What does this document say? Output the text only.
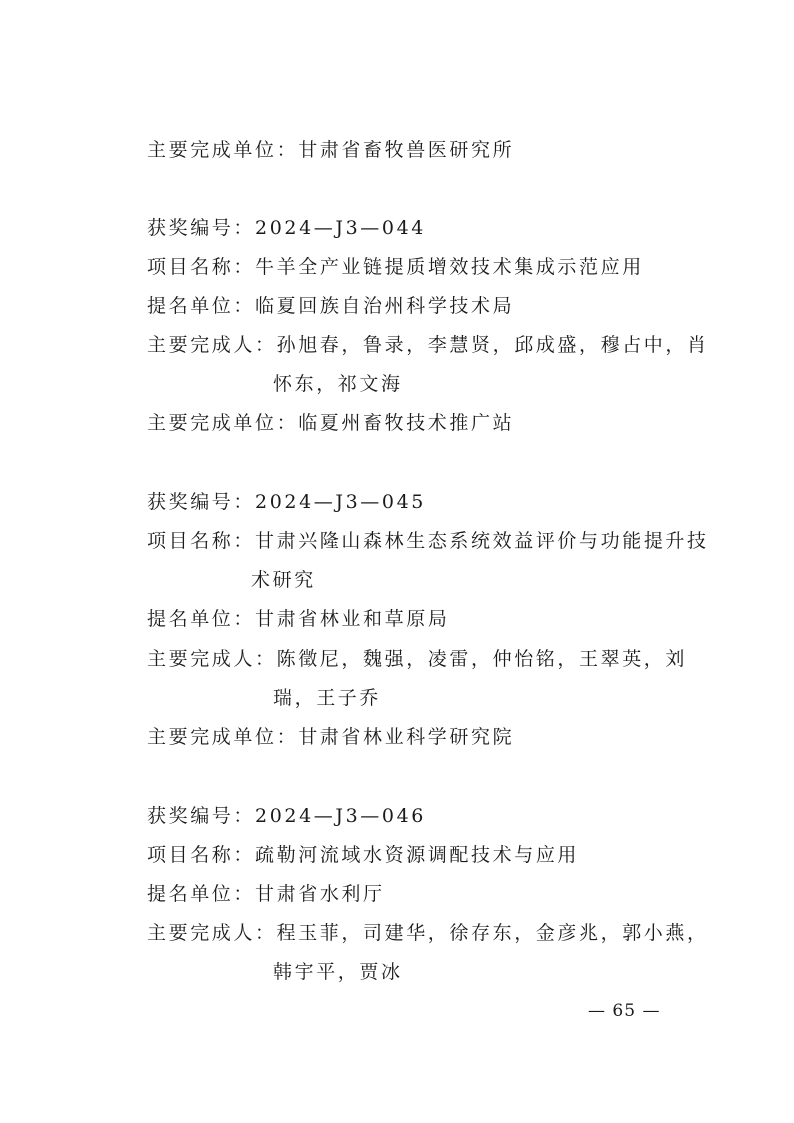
主要完成单位：甘肃省畜牧兽医研究所
获奖编号：2024—J3—044
项目名称：牛羊全产业链提质增效技术集成示范应用
提名单位：临夏回族自治州科学技术局
主要完成人：孙旭春，鲁录，李慧贤，邱成盛，穆占中，肖
怀东，祁文海
主要完成单位：临夏州畜牧技术推广站
获奖编号：2024—J3—045
项目名称：甘肃兴隆山森林生态系统效益评价与功能提升技
术研究
提名单位：甘肃省林业和草原局
主要完成人：陈徵尼，魏强，凌雷，仲怡铭，王翠英，刘
瑞，王子乔
主要完成单位：甘肃省林业科学研究院
获奖编号：2024—J3—046
项目名称：疏勒河流域水资源调配技术与应用
提名单位：甘肃省水利厅
主要完成人：程玉菲，司建华，徐存东，金彦兆，郭小燕，
韩宇平，贾冰
— 65 —
